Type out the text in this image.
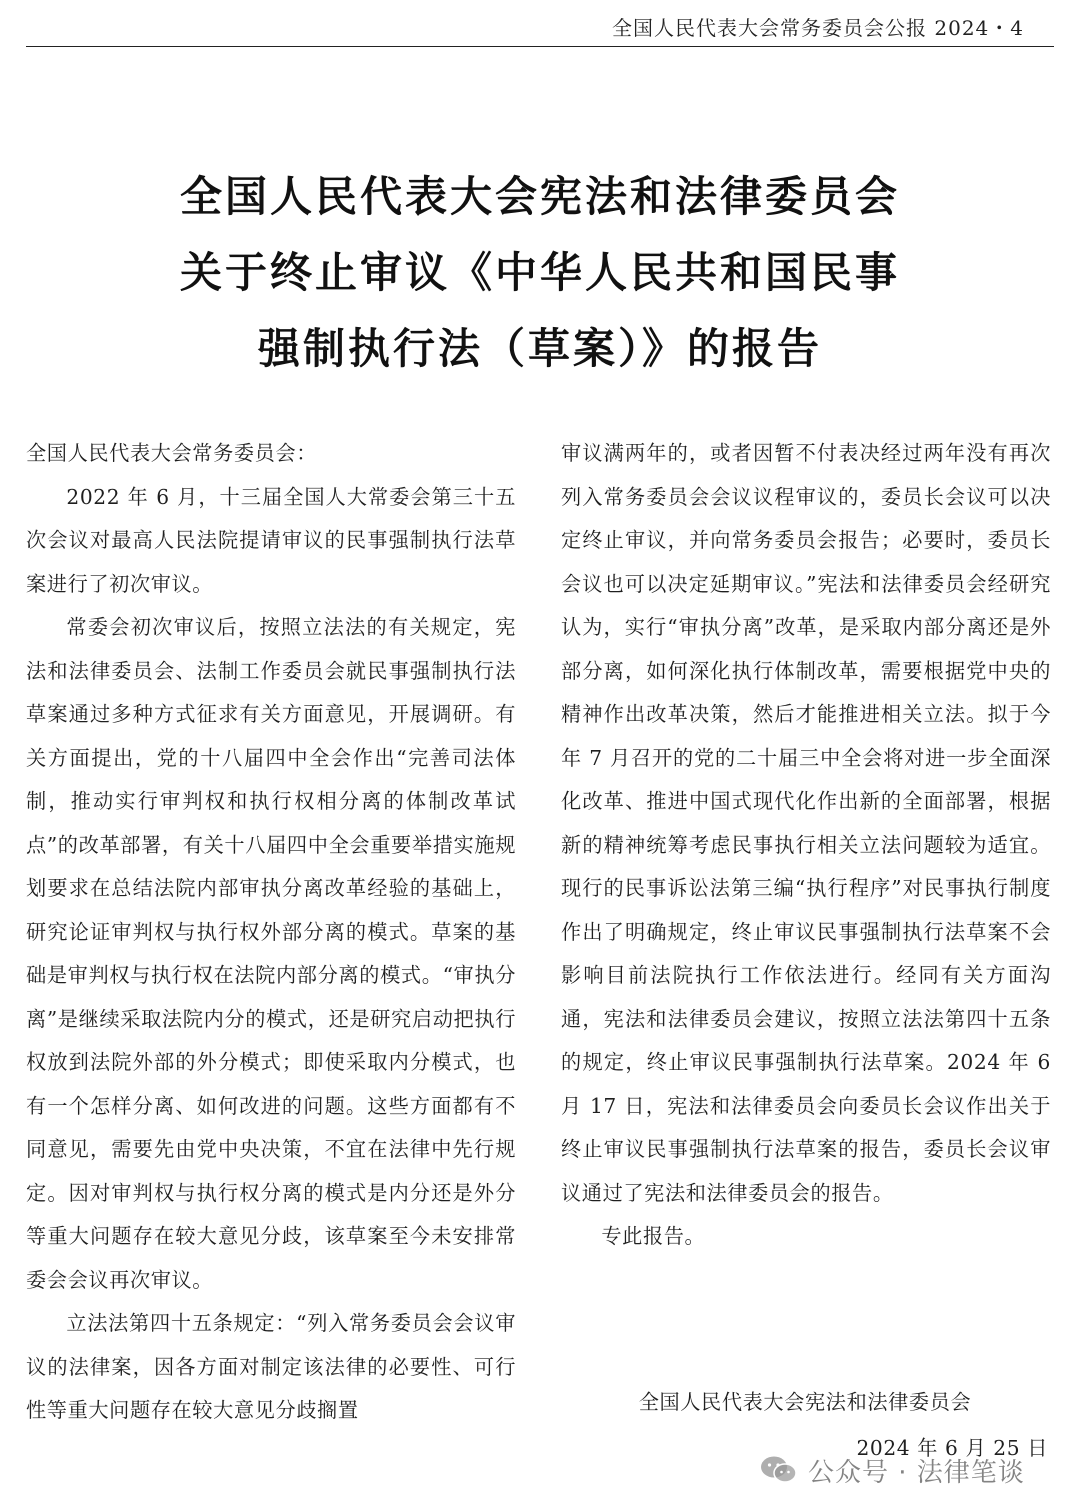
全国人民代表大会常务委员会公报 2024・4
全国人民代表大会宪法和法律委员会
关于终止审议《中华人民共和国民事
强制执行法（草案）》的报告

全国人民代表大会常务委员会：

2022 年 6 月，十三届全国人大常委会第三十五次会议对最高人民法院提请审议的民事强制执行法草案进行了初次审议。

常委会初次审议后，按照立法法的有关规定，宪法和法律委员会、法制工作委员会就民事强制执行法草案通过多种方式征求有关方面意见，开展调研。有关方面提出，党的十八届四中全会作出“完善司法体制，推动实行审判权和执行权相分离的体制改革试点”的改革部署，有关十八届四中全会重要举措实施规划要求在总结法院内部审执分离改革经验的基础上，研究论证审判权与执行权外部分离的模式。草案的基础是审判权与执行权在法院内部分离的模式。“审执分离”是继续采取法院内分的模式，还是研究启动把执行权放到法院外部的外分模式；即使采取内分模式，也有一个怎样分离、如何改进的问题。这些方面都有不同意见，需要先由党中央决策，不宜在法律中先行规定。因对审判权与执行权分离的模式是内分还是外分等重大问题存在较大意见分歧，该草案至今未安排常委会会议再次审议。

立法法第四十五条规定：“列入常务委员会会议审议的法律案，因各方面对制定该法律的必要性、可行性等重大问题存在较大意见分歧搁置

审议满两年的，或者因暂不付表决经过两年没有再次列入常务委员会会议议程审议的，委员长会议可以决定终止审议，并向常务委员会报告；必要时，委员长会议也可以决定延期审议。”宪法和法律委员会经研究认为，实行“审执分离”改革，是采取内部分离还是外部分离，如何深化执行体制改革，需要根据党中央的精神作出改革决策，然后才能推进相关立法。拟于今年 7 月召开的党的二十届三中全会将对进一步全面深化改革、推进中国式现代化作出新的全面部署，根据新的精神统筹考虑民事执行相关立法问题较为适宜。现行的民事诉讼法第三编“执行程序”对民事执行制度作出了明确规定，终止审议民事强制执行法草案不会影响目前法院执行工作依法进行。经同有关方面沟通，宪法和法律委员会建议，按照立法法第四十五条的规定，终止审议民事强制执行法草案。2024 年 6 月 17 日，宪法和法律委员会向委员长会议作出关于终止审议民事强制执行法草案的报告，委员长会议审议通过了宪法和法律委员会的报告。

专此报告。

全国人民代表大会宪法和法律委员会
2024 年 6 月 25 日
公众号 · 法律笔谈
